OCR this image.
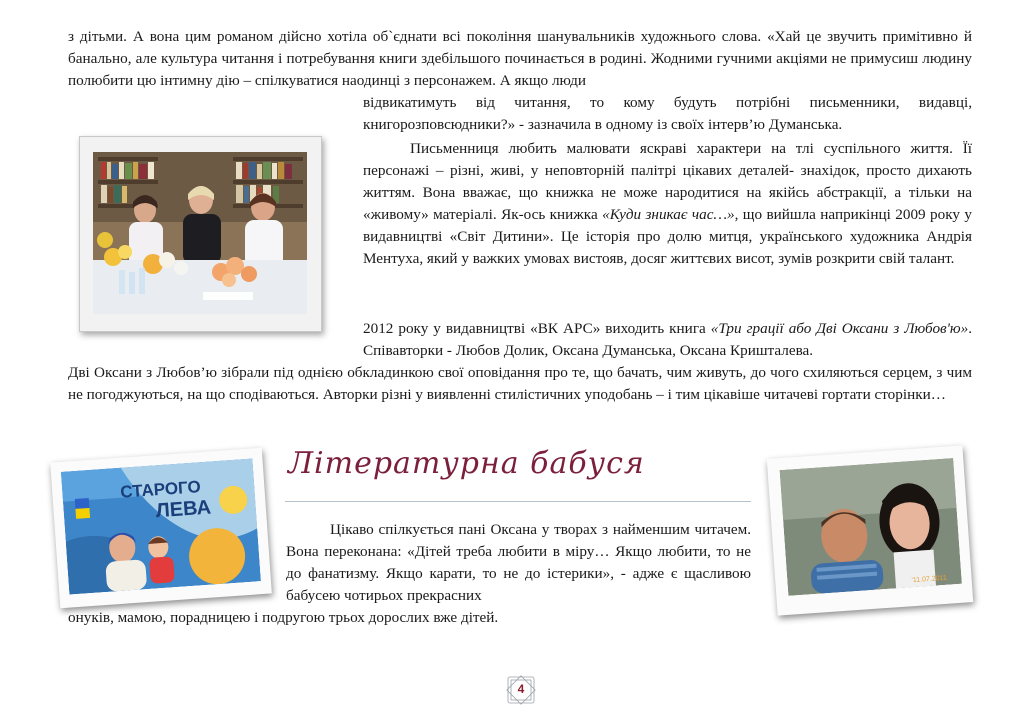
з дітьми. А вона цим романом дійсно хотіла об`єднати всі покоління шанувальників художнього слова. «Хай це звучить примітивно й банально, але культура читання і потребування книги здебільшого починається в родині. Жодними гучними акціями не примусиш людину полюбити цю інтимну дію – спілкуватися наодинці з персонажем. А якщо люди

відвикатимуть від читання, то кому будуть потрібні письменники, видавці, книгорозповсюдники?» - зазначила в одному із своїх інтерв’ю Думанська.

Письменниця любить малювати яскраві характери на тлі суспільного життя. Її персонажі – різні, живі, у неповторній палітрі цікавих деталей- знахідок, просто дихають життям. Вона вважає, що книжка не може народитися на якійсь абстракції, а тільки на «живому» матеріалі. Як-ось книжка «Куди зникає час…», що вийшла наприкінці 2009 року у видавництві «Світ Дитини». Це історія про долю митця, українського художника Андрія Ментуха, який у важких умовах вистояв, досяг життєвих висот, зумів розкрити свій талант.

2012 року у видавництві «ВК АРС» виходить книга «Три грації або Дві Оксани з Любов'ю». Співавторки - Любов Долик, Оксана Думанська, Оксана Кришталева.

Дві Оксани з Любов’ю зібрали під однією обкладинкою свої оповідання про те, що бачать, чим живуть, до чого схиляються серцем, з чим не погоджуються, на що сподіваються. Авторки різні у виявленні стилістичних уподобань – і тим цікавіше читачеві гортати сторінки…

СТАРОГО
ЛЕВА
Літературна бабуся

Цікаво спілкується пані Оксана у творах з найменшим читачем. Вона переконана: «Дітей треба любити в міру… Якщо любити, то не до фанатизму. Якщо карати, то не до істерики», - адже є щасливою бабусею чотирьох прекрасних

онуків, мамою, порадницею і подругою трьох дорослих вже дітей.

'11.07.2011
4
